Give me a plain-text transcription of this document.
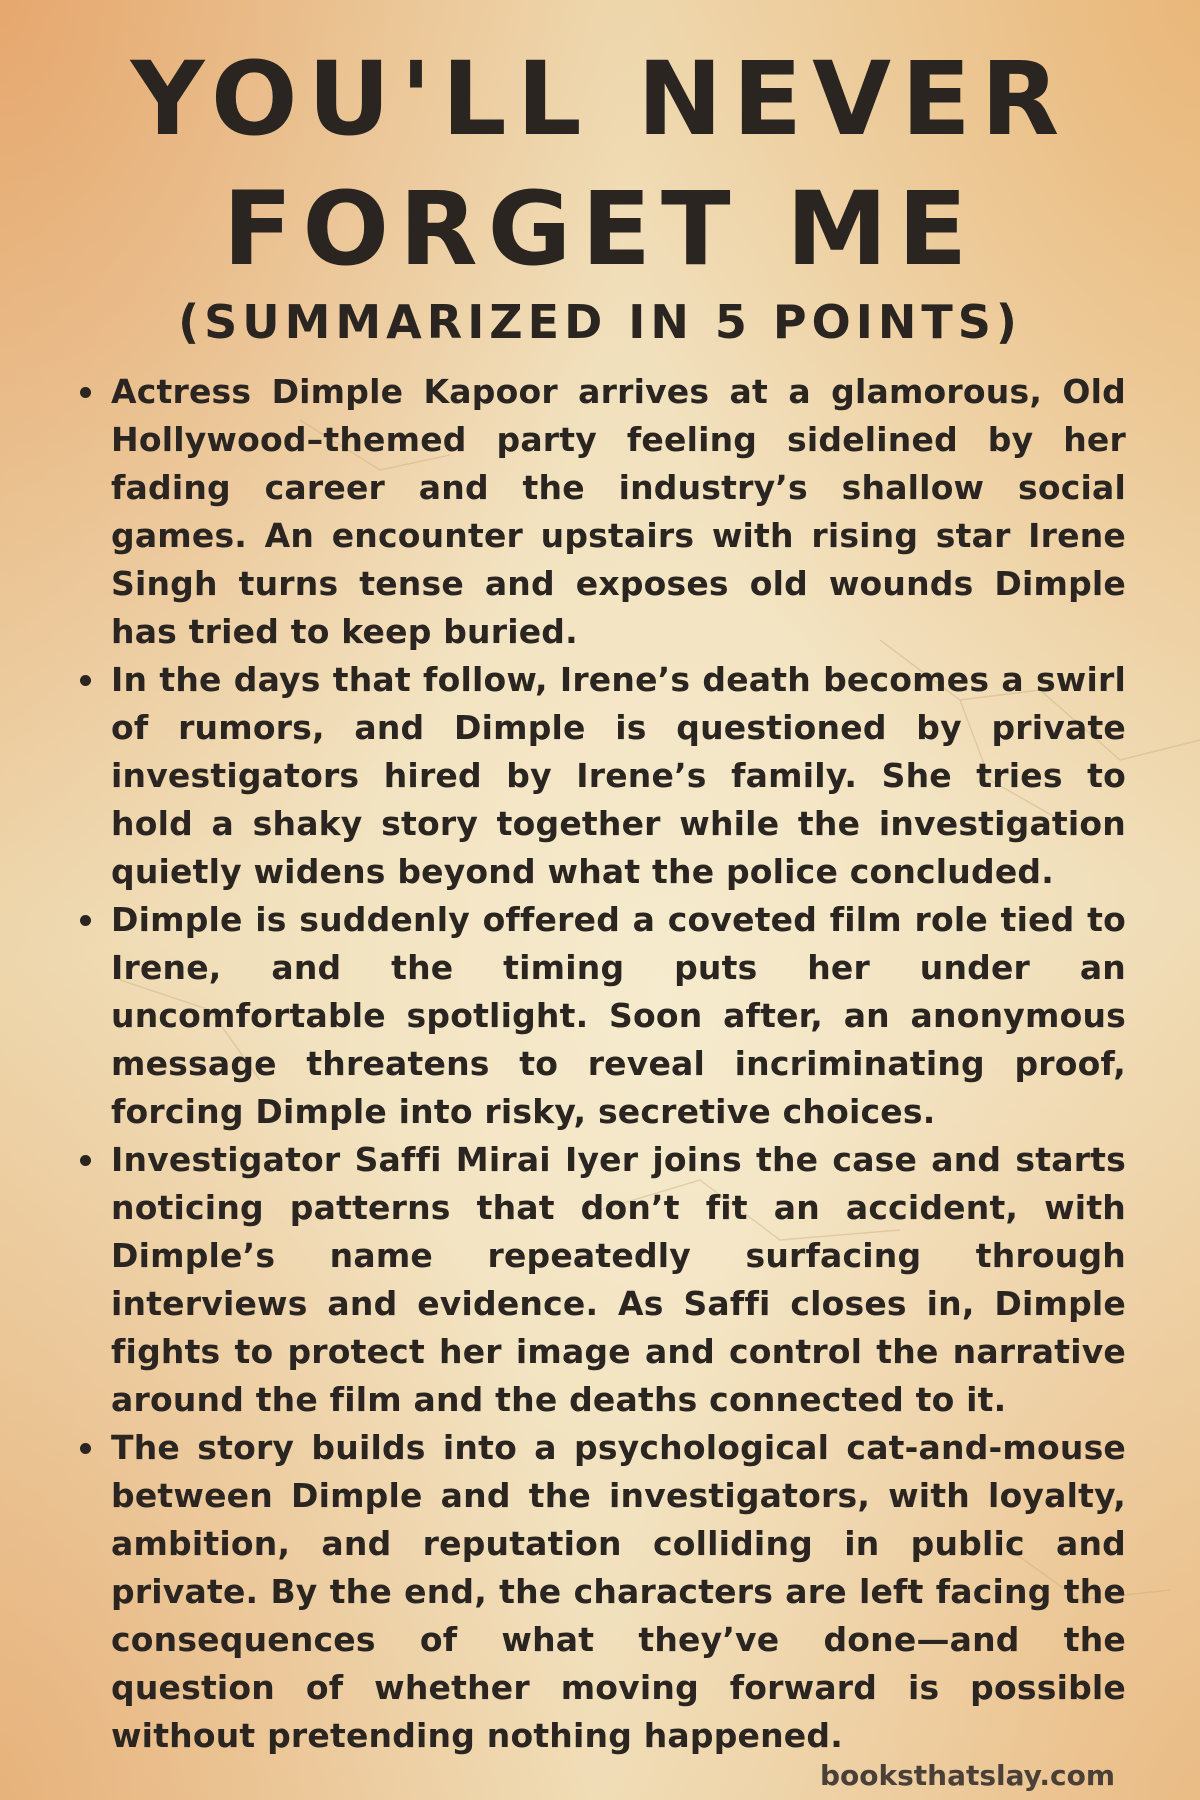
YOU'LL NEVER
FORGET ME
(SUMMARIZED IN 5 POINTS)
Actress Dimple Kapoor arrives at a glamorous, Old Hollywood–themed party feeling sidelined by her fading career and the industry’s shallow social games. An encounter upstairs with rising star Irene Singh turns tense and exposes old wounds Dimple has tried to keep buried.
In the days that follow, Irene’s death becomes a swirl of rumors, and Dimple is questioned by private investigators hired by Irene’s family. She tries to hold a shaky story together while the investigation quietly widens beyond what the police concluded.
Dimple is suddenly offered a coveted film role tied to Irene, and the timing puts her under an uncomfortable spotlight. Soon after, an anonymous message threatens to reveal incriminating proof, forcing Dimple into risky, secretive choices.
Investigator Saffi Mirai Iyer joins the case and starts noticing patterns that don’t fit an accident, with Dimple’s name repeatedly surfacing through interviews and evidence. As Saffi closes in, Dimple fights to protect her image and control the narrative around the film and the deaths connected to it.
The story builds into a psychological cat-and-mouse between Dimple and the investigators, with loyalty, ambition, and reputation colliding in public and private. By the end, the characters are left facing the consequences of what they’ve done—and the question of whether moving forward is possible without pretending nothing happened.
booksthatslay.com
